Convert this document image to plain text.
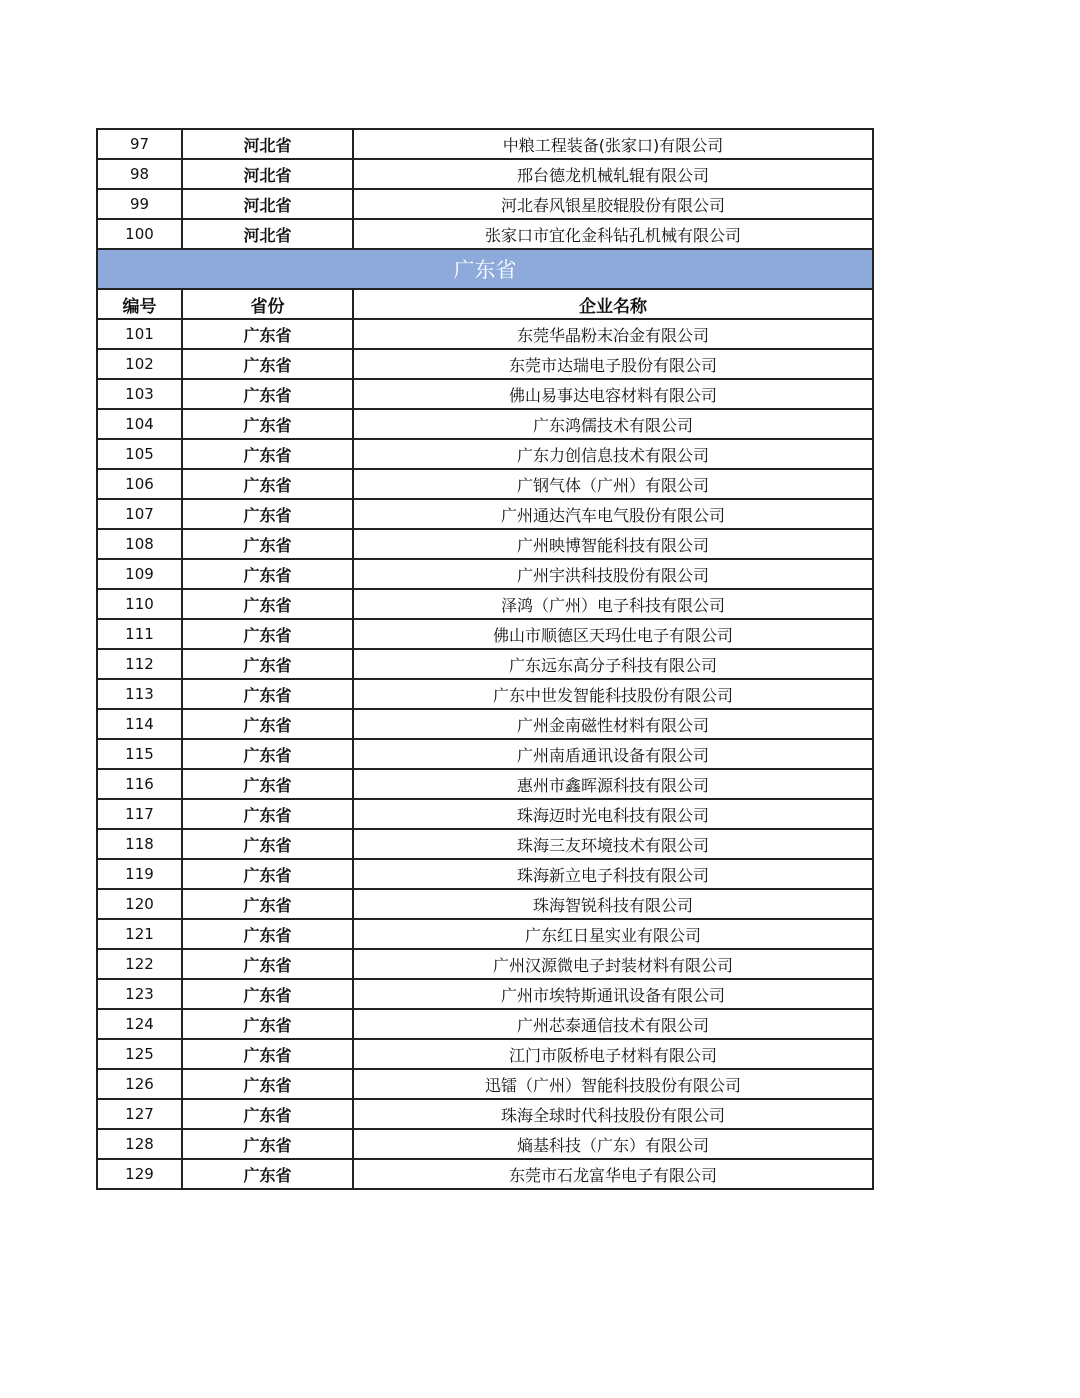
97	河北省	中粮工程装备(张家口)有限公司
98	河北省	邢台德龙机械轧辊有限公司
99	河北省	河北春风银星胶辊股份有限公司
100	河北省	张家口市宜化金科钻孔机械有限公司
广东省		
编号	省份	企业名称
101	广东省	东莞华晶粉末冶金有限公司
102	广东省	东莞市达瑞电子股份有限公司
103	广东省	佛山易事达电容材料有限公司
104	广东省	广东鸿儒技术有限公司
105	广东省	广东力创信息技术有限公司
106	广东省	广钢气体（广州）有限公司
107	广东省	广州通达汽车电气股份有限公司
108	广东省	广州映博智能科技有限公司
109	广东省	广州宇洪科技股份有限公司
110	广东省	泽鸿（广州）电子科技有限公司
111	广东省	佛山市顺德区天玛仕电子有限公司
112	广东省	广东远东高分子科技有限公司
113	广东省	广东中世发智能科技股份有限公司
114	广东省	广州金南磁性材料有限公司
115	广东省	广州南盾通讯设备有限公司
116	广东省	惠州市鑫晖源科技有限公司
117	广东省	珠海迈时光电科技有限公司
118	广东省	珠海三友环境技术有限公司
119	广东省	珠海新立电子科技有限公司
120	广东省	珠海智锐科技有限公司
121	广东省	广东红日星实业有限公司
122	广东省	广州汉源微电子封装材料有限公司
123	广东省	广州市埃特斯通讯设备有限公司
124	广东省	广州芯泰通信技术有限公司
125	广东省	江门市阪桥电子材料有限公司
126	广东省	迅镭（广州）智能科技股份有限公司
127	广东省	珠海全球时代科技股份有限公司
128	广东省	熵基科技（广东）有限公司
129	广东省	东莞市石龙富华电子有限公司
